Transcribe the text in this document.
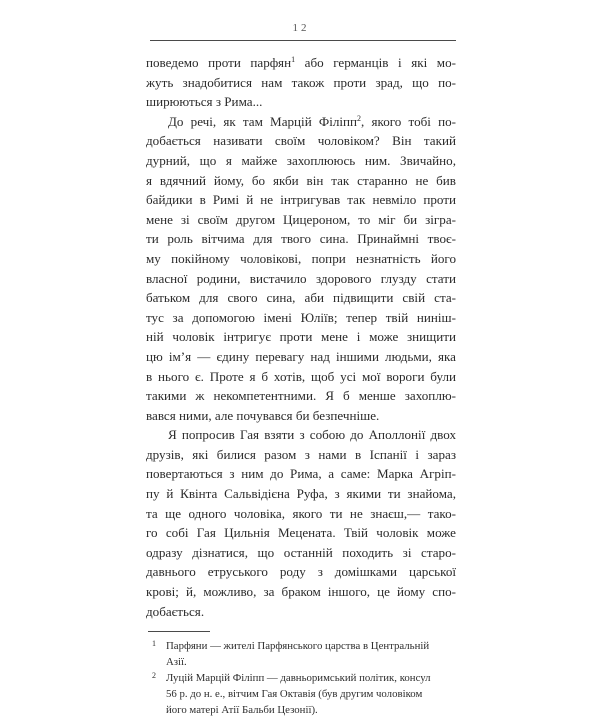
12

поведемо проти парфян$^1$ або германців і які мо-
жуть знадобитися нам також проти зрад, що по-
ширюються з Рима...

До речі, як там Марцій Філіпп$^2$, якого тобі по-
добається називати своїм чоловіком? Він такий
дурний, що я майже захоплююсь ним. Звичайно,
я вдячний йому, бо якби він так старанно не бив
байдики в Римі й не інтригував так невміло проти
мене зі своїм другом Цицероном, то міг би зігра-
ти роль вітчима для твого сина. Принаймні твоє-
му покійному чоловікові, попри незнатність його
власної родини, вистачило здорового глузду стати
батьком для свого сина, аби підвищити свій ста-
тус за допомогою імені Юліїв; тепер твій ниніш-
ній чоловік інтригує проти мене і може знищити
цю ім’я — єдину перевагу над іншими людьми, яка
в нього є. Проте я б хотів, щоб усі мої вороги були
такими ж некомпетентними. Я б менше захоплю-
вався ними, але почувався би безпечніше.

Я попросив Гая взяти з собою до Аполлонії двох
друзів, які билися разом з нами в Іспанії і зараз
повертаються з ним до Рима, а саме: Марка Агріп-
пу й Квінта Сальвідієна Руфа, з якими ти знайома,
та ще одного чоловіка, якого ти не знаєш,— тако-
го собі Гая Цильнія Мецената. Твій чоловік може
одразу дізнатися, що останній походить зі старо-
давнього етруського роду з домішками царської
крові; й, можливо, за браком іншого, це йому спо-
добається.

1 Парфяни — жителі Парфянського царства в Центральній
Азії.
2 Луцій Марцій Філіпп — давньоримський політик, консул
56 р. до н. е., вітчим Гая Октавія (був другим чоловіком
його матері Атії Бальби Цезонії).
